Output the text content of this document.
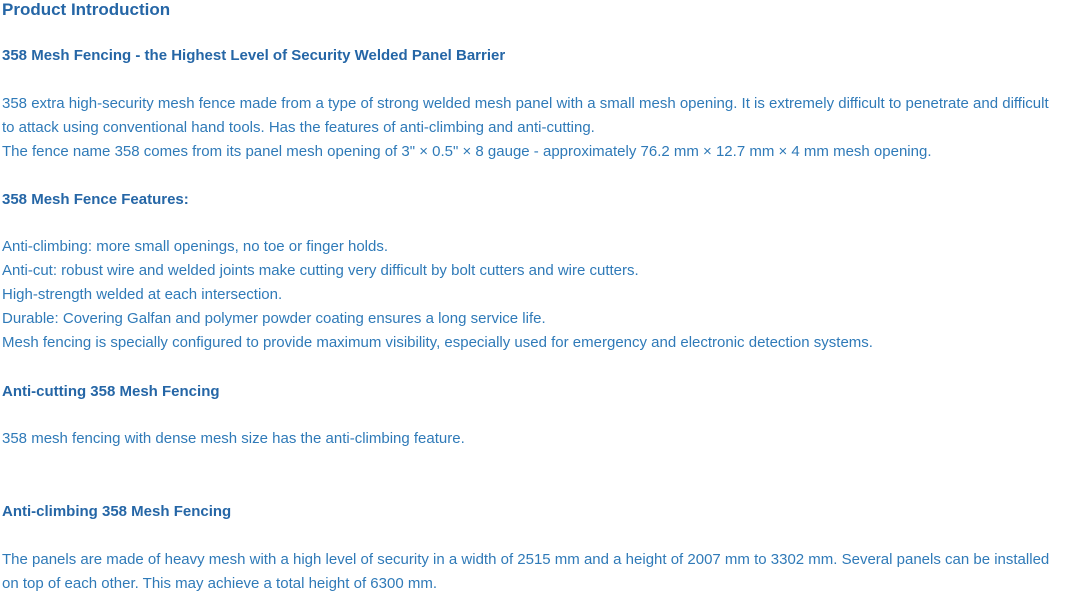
Product Introduction
358 Mesh Fencing - the Highest Level of Security Welded Panel Barrier
358 extra high-security mesh fence made from a type of strong welded mesh panel with a small mesh opening. It is extremely difficult to penetrate and difficult to attack using conventional hand tools. Has the features of anti-climbing and anti-cutting.
The fence name 358 comes from its panel mesh opening of 3" × 0.5" × 8 gauge - approximately 76.2 mm × 12.7 mm × 4 mm mesh opening.
358 Mesh Fence Features:
Anti-climbing: more small openings, no toe or finger holds.
Anti-cut: robust wire and welded joints make cutting very difficult by bolt cutters and wire cutters.
High-strength welded at each intersection.
Durable: Covering Galfan and polymer powder coating ensures a long service life.
Mesh fencing is specially configured to provide maximum visibility, especially used for emergency and electronic detection systems.
Anti-cutting 358 Mesh Fencing
358 mesh fencing with dense mesh size has the anti-climbing feature.
Anti-climbing 358 Mesh Fencing
The panels are made of heavy mesh with a high level of security in a width of 2515 mm and a height of 2007 mm to 3302 mm. Several panels can be installed on top of each other. This may achieve a total height of 6300 mm.
